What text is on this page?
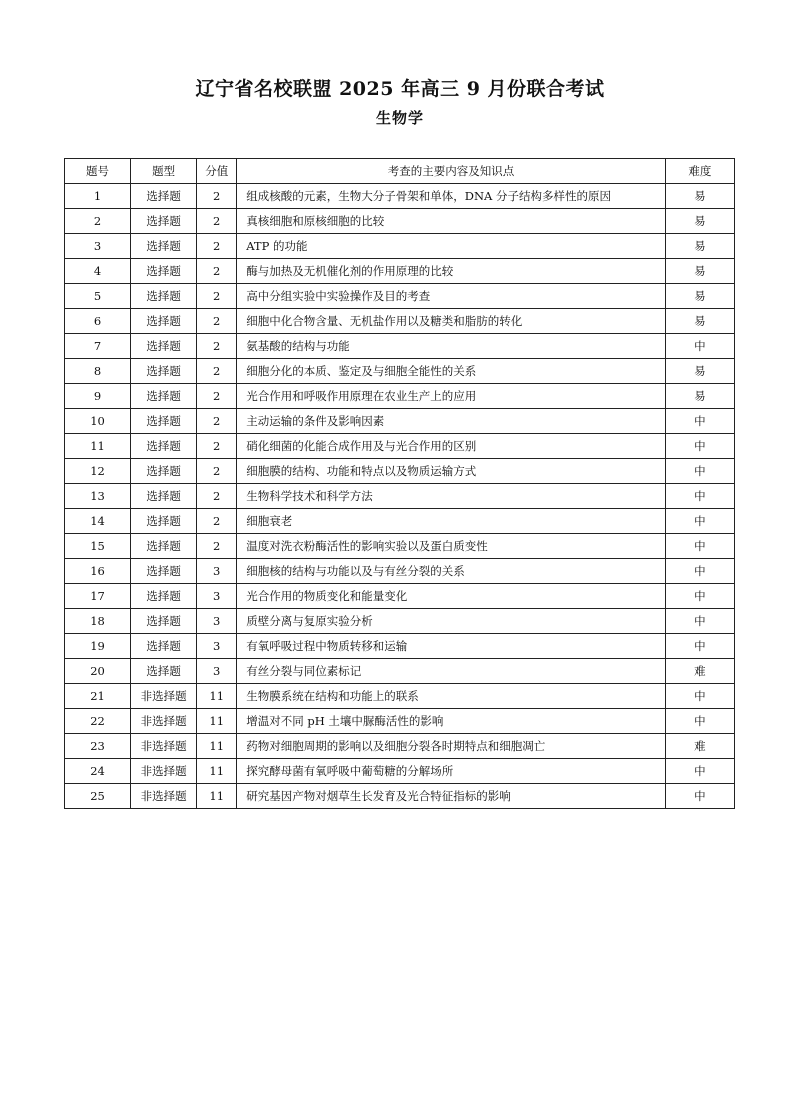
辽宁省名校联盟 2025 年高三 9 月份联合考试
生物学
题号	题型	分值	考查的主要内容及知识点	难度
1	选择题	2	组成核酸的元素，生物大分子骨架和单体，DNA 分子结构多样性的原因	易
2	选择题	2	真核细胞和原核细胞的比较	易
3	选择题	2	ATP 的功能	易
4	选择题	2	酶与加热及无机催化剂的作用原理的比较	易
5	选择题	2	高中分组实验中实验操作及目的考查	易
6	选择题	2	细胞中化合物含量、无机盐作用以及糖类和脂肪的转化	易
7	选择题	2	氨基酸的结构与功能	中
8	选择题	2	细胞分化的本质、鉴定及与细胞全能性的关系	易
9	选择题	2	光合作用和呼吸作用原理在农业生产上的应用	易
10	选择题	2	主动运输的条件及影响因素	中
11	选择题	2	硝化细菌的化能合成作用及与光合作用的区别	中
12	选择题	2	细胞膜的结构、功能和特点以及物质运输方式	中
13	选择题	2	生物科学技术和科学方法	中
14	选择题	2	细胞衰老	中
15	选择题	2	温度对洗衣粉酶活性的影响实验以及蛋白质变性	中
16	选择题	3	细胞核的结构与功能以及与有丝分裂的关系	中
17	选择题	3	光合作用的物质变化和能量变化	中
18	选择题	3	质壁分离与复原实验分析	中
19	选择题	3	有氧呼吸过程中物质转移和运输	中
20	选择题	3	有丝分裂与同位素标记	难
21	非选择题	11	生物膜系统在结构和功能上的联系	中
22	非选择题	11	增温对不同 pH 土壤中脲酶活性的影响	中
23	非选择题	11	药物对细胞周期的影响以及细胞分裂各时期特点和细胞凋亡	难
24	非选择题	11	探究酵母菌有氧呼吸中葡萄糖的分解场所	中
25	非选择题	11	研究基因产物对烟草生长发育及光合特征指标的影响	中
